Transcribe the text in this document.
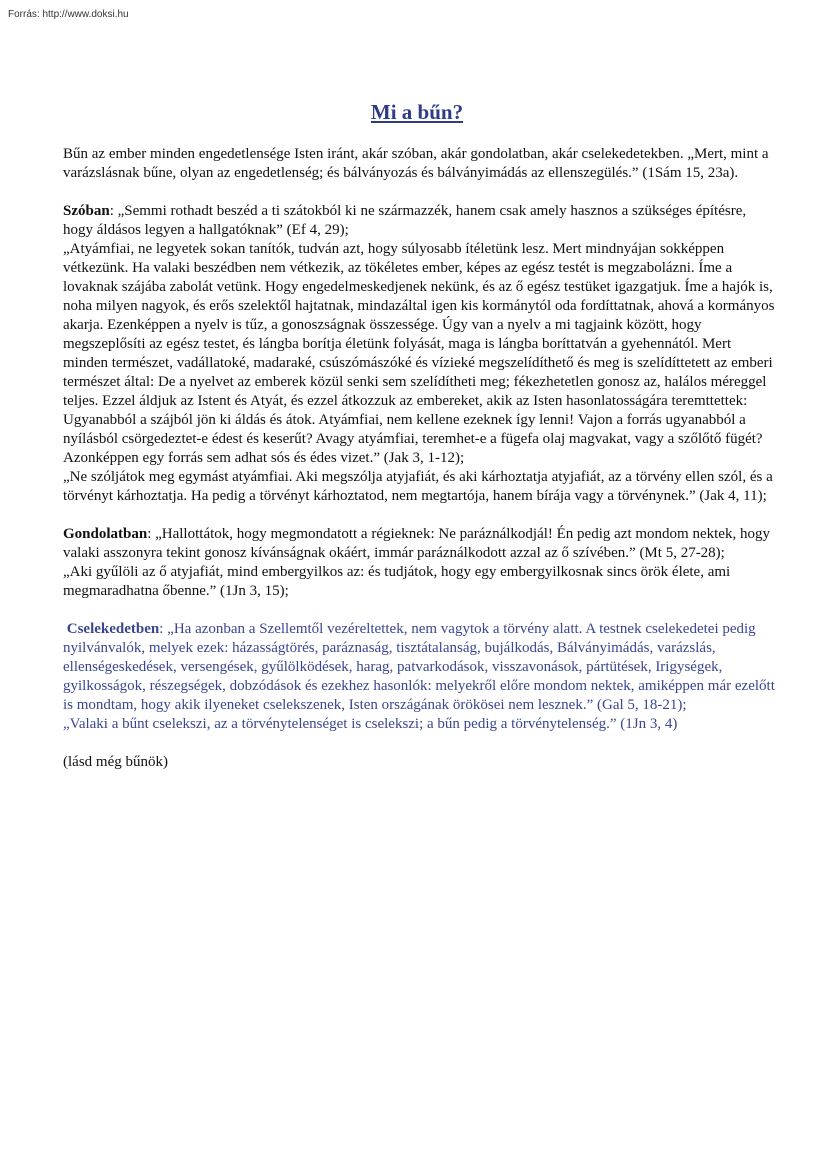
Forrás: http://www.doksi.hu
Mi a bűn?

Bűn az ember minden engedetlensége Isten iránt, akár szóban, akár gondolatban, akár cselekedetekben. „Mert, mint a varázslásnak bűne, olyan az engedetlenség; és bálványozás és bálványimádás az ellenszegülés.” (1Sám 15, 23a).

Szóban: „Semmi rothadt beszéd a ti szátokból ki ne származzék, hanem csak amely hasznos a szükséges építésre, hogy áldásos legyen a hallgatóknak” (Ef 4, 29);

„Atyámfiai, ne legyetek sokan tanítók, tudván azt, hogy súlyosabb ítéletünk lesz. Mert mindnyájan sokképpen vétkezünk. Ha valaki beszédben nem vétkezik, az tökéletes ember, képes az egész testét is megzabolázni. Íme a lovaknak szájába zabolát vetünk. Hogy engedelmeskedjenek nekünk, és az ő egész testüket igazgatjuk. Íme a hajók is, noha milyen nagyok, és erős szelektől hajtatnak, mindazáltal igen kis kormánytól oda fordíttatnak, ahová a kormányos akarja. Ezenképpen a nyelv is tűz, a gonoszságnak összessége. Úgy van a nyelv a mi tagjaink között, hogy megszeplősíti az egész testet, és lángba borítja életünk folyását, maga is lángba boríttatván a gyehennától. Mert minden természet, vadállatoké, madaraké, csúszómászóké és vízieké megszelídíthető és meg is szelídíttetett az emberi természet által: De a nyelvet az emberek közül senki sem szelídítheti meg; fékezhetetlen gonosz az, halálos méreggel teljes. Ezzel áldjuk az Istent és Atyát, és ezzel átkozzuk az embereket, akik az Isten hasonlatosságára teremttettek: Ugyanabból a szájból jön ki áldás és átok. Atyámfiai, nem kellene ezeknek így lenni! Vajon a forrás ugyanabból a nyílásból csörgedeztet-e édest és keserűt? Avagy atyámfiai, teremhet-e a fügefa olaj magvakat, vagy a szőlőtő fügét? Azonképpen egy forrás sem adhat sós és édes vizet.” (Jak 3, 1-12);

„Ne szóljátok meg egymást atyámfiai. Aki megszólja atyjafiát, és aki kárhoztatja atyjafiát, az a törvény ellen szól, és a törvényt kárhoztatja. Ha pedig a törvényt kárhoztatod, nem megtartója, hanem bírája vagy a törvénynek.” (Jak 4, 11);

Gondolatban: „Hallottátok, hogy megmondatott a régieknek: Ne paráználkodjál! Én pedig azt mondom nektek, hogy valaki asszonyra tekint gonosz kívánságnak okáért, immár paráználkodott azzal az ő szívében.” (Mt 5, 27-28);

„Aki gyűlöli az ő atyjafiát, mind embergyilkos az: és tudjátok, hogy egy embergyilkosnak sincs örök élete, ami megmaradhatna őbenne.” (1Jn 3, 15);

Cselekedetben: „Ha azonban a Szellemtől vezéreltettek, nem vagytok a törvény alatt. A testnek cselekedetei pedig nyilvánvalók, melyek ezek: házasságtörés, paráznaság, tisztátalanság, bujálkodás, Bálványimádás, varázslás, ellenségeskedések, versengések, gyűlölködések, harag, patvarkodások, visszavonások, pártütések, Irigységek, gyilkosságok, részegségek, dobzódások és ezekhez hasonlók: melyekről előre mondom nektek, amiképpen már ezelőtt is mondtam, hogy akik ilyeneket cselekszenek, Isten országának örökösei nem lesznek.” (Gal 5, 18-21);

„Valaki a bűnt cselekszi, az a törvénytelenséget is cselekszi; a bűn pedig a törvénytelenség.” (1Jn 3, 4)

(lásd még bűnök)
